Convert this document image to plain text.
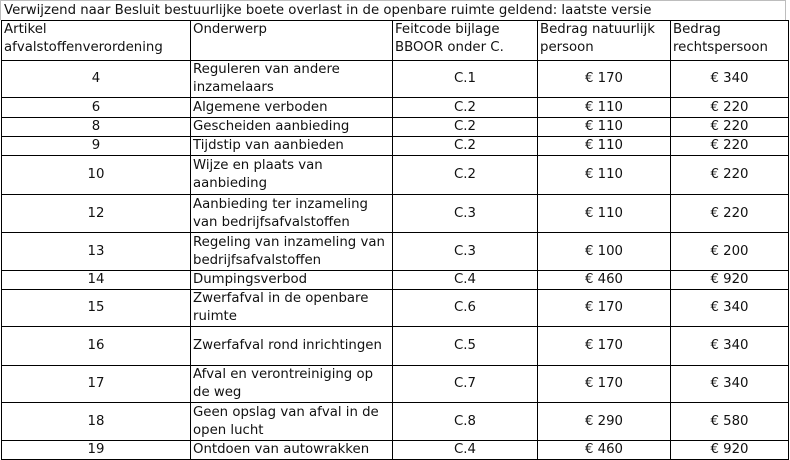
Verwijzend naar Besluit bestuurlijke boete overlast in de openbare ruimte geldend: laatste versie
Artikel afvalstoffenverordening	Onderwerp	Feitcode bijlage BBOOR onder C.	Bedrag natuurlijk persoon	Bedrag rechtspersoon
4	Reguleren van andere inzamelaars	C.1	€ 170	€ 340
6	Algemene verboden	C.2	€ 110	€ 220
8	Gescheiden aanbieding	C.2	€ 110	€ 220
9	Tijdstip van aanbieden	C.2	€ 110	€ 220
10	Wijze en plaats van aanbieding	C.2	€ 110	€ 220
12	Aanbieding ter inzameling van bedrijfsafvalstoffen	C.3	€ 110	€ 220
13	Regeling van inzameling van bedrijfsafvalstoffen	C.3	€ 100	€ 200
14	Dumpingsverbod	C.4	€ 460	€ 920
15	Zwerfafval in de openbare ruimte	C.6	€ 170	€ 340
16	Zwerfafval rond inrichtingen	C.5	€ 170	€ 340
17	Afval en verontreiniging op de weg	C.7	€ 170	€ 340
18	Geen opslag van afval in de open lucht	C.8	€ 290	€ 580
19	Ontdoen van autowrakken	C.4	€ 460	€ 920
